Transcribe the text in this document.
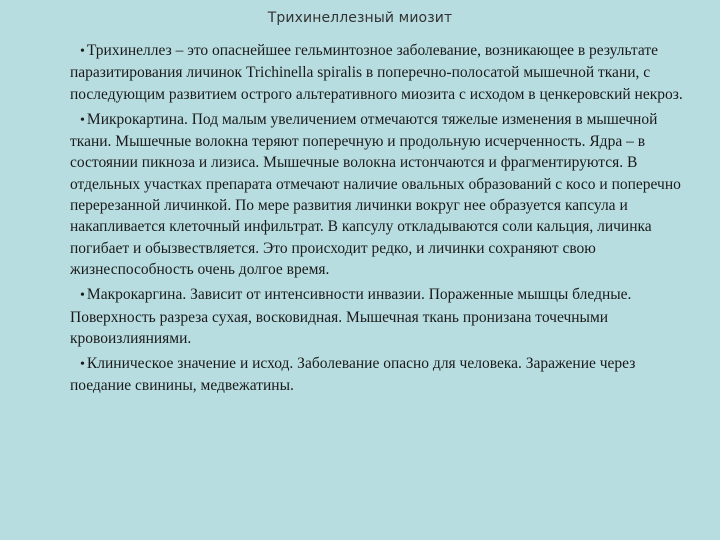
Трихинеллезный миозит

• Трихинеллез – это опаснейшее гельминтозное заболевание, возникающее в результате паразитирования личинок Trichinella spiralis в поперечно-полосатой мышечной ткани, с последующим развитием острого альтеративного миозита с исходом в ценкеровский некроз.

• Микрокартина. Под малым увеличением отмечаются тяжелые изменения в мышечной ткани. Мышечные волокна теряют поперечную и продольную исчерченность. Ядра – в состоянии пикноза и лизиса. Мышечные волокна истончаются и фрагментируются. В отдельных участках препарата отмечают наличие овальных образований с косо и поперечно перерезанной личинкой. По мере развития личинки вокруг нее образуется капсула и накапливается клеточный инфильтрат. В капсулу откладываются соли кальция, личинка погибает и обызвествляется. Это происходит редко, и личинки сохраняют свою жизнеспособность очень долгое время.

• Макрокаргина. Зависит от интенсивности инвазии. Пораженные мышцы бледные. Поверхность разреза сухая, восковидная. Мышечная ткань пронизана точечными кровоизлияниями.

• Клиническое значение и исход. Заболевание опасно для человека. Заражение через поедание свинины, медвежатины.
